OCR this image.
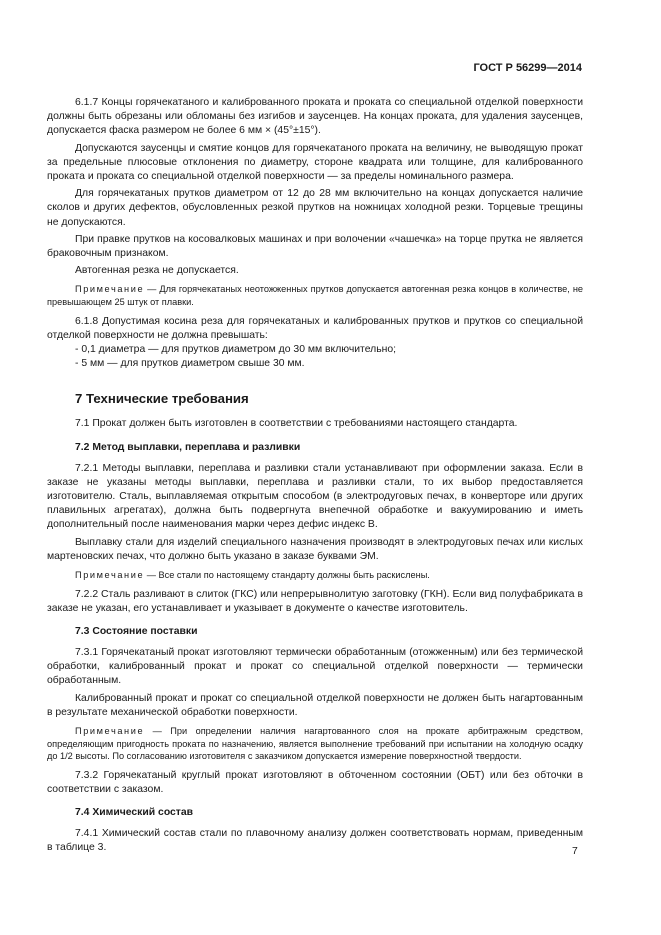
ГОСТ Р 56299—2014

6.1.7 Концы горячекатаного и калиброванного проката и проката со специальной отделкой поверхности должны быть обрезаны или обломаны без изгибов и заусенцев. На концах проката, для удаления заусенцев, допускается фаска размером не более 6 мм × (45°±15°).

Допускаются заусенцы и смятие концов для горячекатаного проката на величину, не выводящую прокат за предельные плюсовые отклонения по диаметру, стороне квадрата или толщине, для калиброванного проката и проката со специальной отделкой поверхности — за пределы номинального размера.

Для горячекатаных прутков диаметром от 12 до 28 мм включительно на концах допускается наличие сколов и других дефектов, обусловленных резкой прутков на ножницах холодной резки. Торцевые трещины не допускаются.

При правке прутков на косовалковых машинах и при волочении «чашечка» на торце прутка не является браковочным признаком.

Автогенная резка не допускается.

Примечание — Для горячекатаных неотожженных прутков допускается автогенная резка концов в количестве, не превышающем 25 штук от плавки.

6.1.8 Допустимая косина реза для горячекатаных и калиброванных прутков и прутков со специальной отделкой поверхности не должна превышать:

- 0,1 диаметра — для прутков диаметром до 30 мм включительно;

- 5 мм — для прутков диаметром свыше 30 мм.

7 Технические требования

7.1 Прокат должен быть изготовлен в соответствии с требованиями настоящего стандарта.

7.2 Метод выплавки, переплава и разливки

7.2.1 Методы выплавки, переплава и разливки стали устанавливают при оформлении заказа. Если в заказе не указаны методы выплавки, переплава и разливки стали, то их выбор предоставляется изготовителю. Сталь, выплавляемая открытым способом (в электродуговых печах, в конверторе или других плавильных агрегатах), должна быть подвергнута внепечной обработке и вакуумированию и иметь дополнительный после наименования марки через дефис индекс В.

Выплавку стали для изделий специального назначения производят в электродуговых печах или кислых мартеновских печах, что должно быть указано в заказе буквами ЭМ.

Примечание — Все стали по настоящему стандарту должны быть раскислены.

7.2.2 Сталь разливают в слиток (ГКС) или непрерывнолитую заготовку (ГКН). Если вид полуфабриката в заказе не указан, его устанавливает и указывает в документе о качестве изготовитель.

7.3 Состояние поставки

7.3.1 Горячекатаный прокат изготовляют термически обработанным (отожженным) или без термической обработки, калиброванный прокат и прокат со специальной отделкой поверхности — термически обработанным.

Калиброванный прокат и прокат со специальной отделкой поверхности не должен быть нагартованным в результате механической обработки поверхности.

Примечание — При определении наличия нагартованного слоя на прокате арбитражным средством, определяющим пригодность проката по назначению, является выполнение требований при испытании на холодную осадку до 1/2 высоты. По согласованию изготовителя с заказчиком допускается измерение поверхностной твердости.

7.3.2 Горячекатаный круглый прокат изготовляют в обточенном состоянии (ОБТ) или без обточки в соответствии с заказом.

7.4 Химический состав

7.4.1 Химический состав стали по плавочному анализу должен соответствовать нормам, приведенным в таблице 3.	7
